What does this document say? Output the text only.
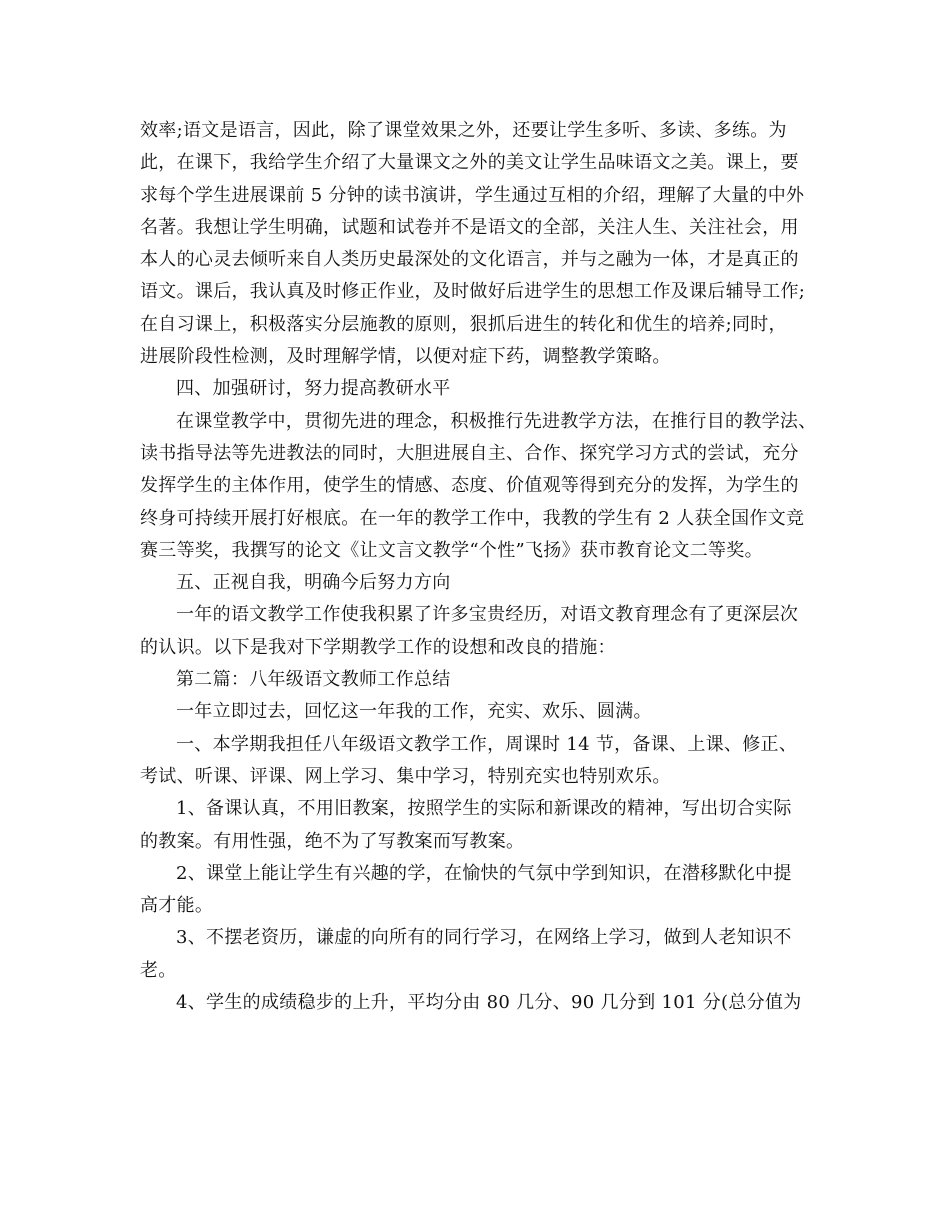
效率;语文是语言，因此，除了课堂效果之外，还要让学生多听、多读、多练。为
此，在课下，我给学生介绍了大量课文之外的美文让学生品味语文之美。课上，要
求每个学生进展课前 5 分钟的读书演讲，学生通过互相的介绍，理解了大量的中外
名著。我想让学生明确，试题和试卷并不是语文的全部，关注人生、关注社会，用
本人的心灵去倾听来自人类历史最深处的文化语言，并与之融为一体，才是真正的
语文。课后，我认真及时修正作业，及时做好后进学生的思想工作及课后辅导工作;
在自习课上，积极落实分层施教的原则，狠抓后进生的转化和优生的培养;同时，
进展阶段性检测，及时理解学情，以便对症下药，调整教学策略。
四、加强研讨，努力提高教研水平
在课堂教学中，贯彻先进的理念，积极推行先进教学方法，在推行目的教学法、
读书指导法等先进教法的同时，大胆进展自主、合作、探究学习方式的尝试，充分
发挥学生的主体作用，使学生的情感、态度、价值观等得到充分的发挥，为学生的
终身可持续开展打好根底。在一年的教学工作中，我教的学生有 2 人获全国作文竞
赛三等奖，我撰写的论文《让文言文教学“个性”飞扬》获市教育论文二等奖。
五、正视自我，明确今后努力方向
一年的语文教学工作使我积累了许多宝贵经历，对语文教育理念有了更深层次
的认识。以下是我对下学期教学工作的设想和改良的措施：
第二篇：八年级语文教师工作总结
一年立即过去，回忆这一年我的工作，充实、欢乐、圆满。
一、本学期我担任八年级语文教学工作，周课时 14 节，备课、上课、修正、
考试、听课、评课、网上学习、集中学习，特别充实也特别欢乐。
1、备课认真，不用旧教案，按照学生的实际和新课改的精神，写出切合实际
的教案。有用性强，绝不为了写教案而写教案。
2、课堂上能让学生有兴趣的学，在愉快的气氛中学到知识，在潜移默化中提
高才能。
3、不摆老资历，谦虚的向所有的同行学习，在网络上学习，做到人老知识不
老。
4、学生的成绩稳步的上升，平均分由 80 几分、90 几分到 101 分(总分值为
